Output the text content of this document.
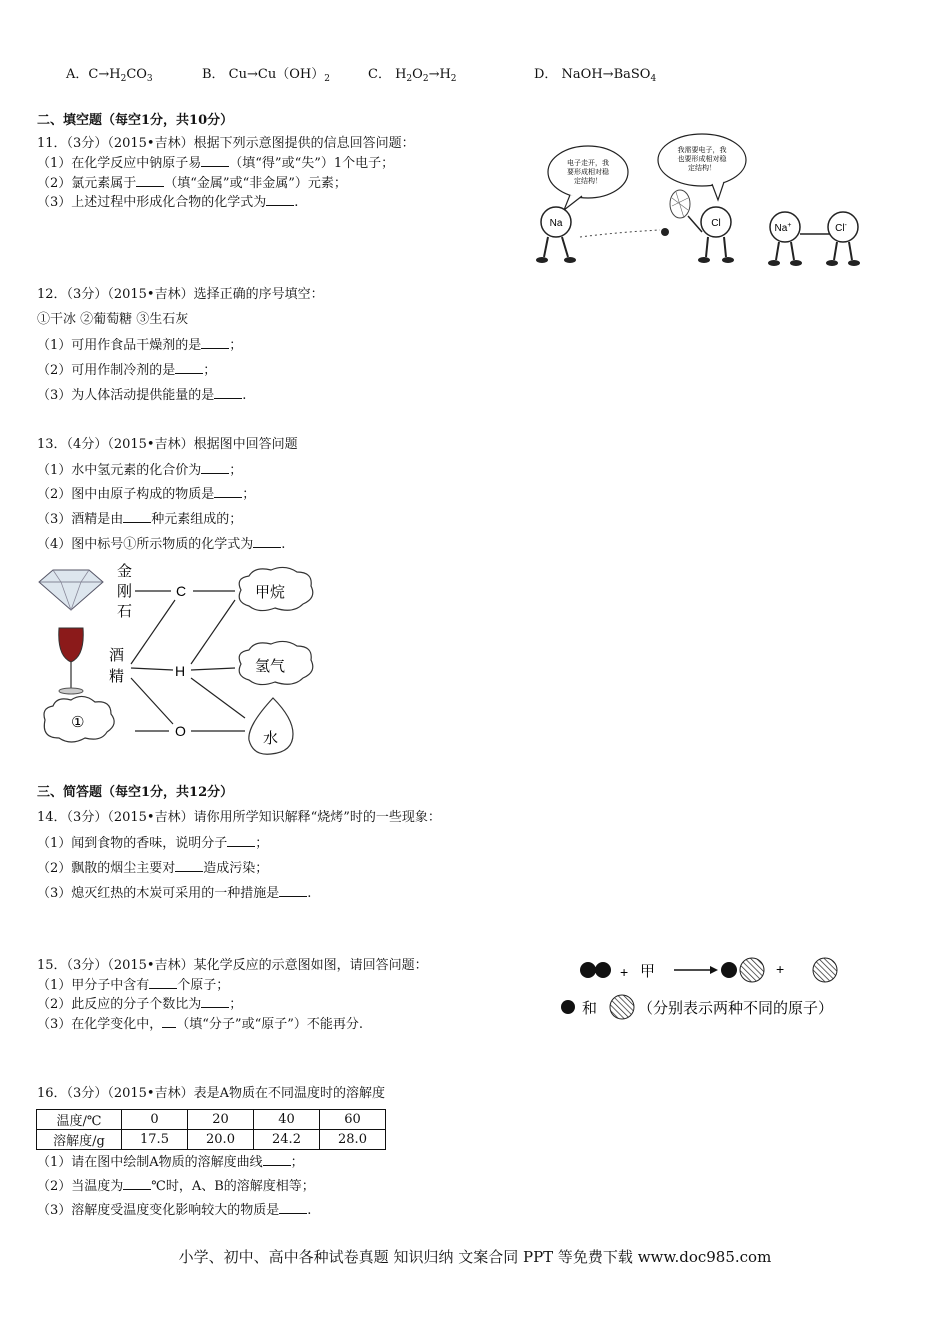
A．$C\to H_2CO_3$	B． $Cu\to Cu(OH)_2$	C． $H_2O_2\to H_2$	D． NaOH→BaSO$_4$
二、填空题（每空1分，共10分）
11．（3分）（2015•吉林）根据下列示意图提供的信息回答问题：
（1）在化学反应中钠原子易 （填“得”或“失”）1个电子；
（2）氯元素属于 （填“金属”或“非金属”）元素；
（3）上述过程中形成化合物的化学式为 .
电子走开，我
要形成相对稳
定结构！
我需要电子，我
也要形成相对稳
定结构！
Na	Cl	Na+	Cl-
12．（3分）（2015•吉林）选择正确的序号填空：
①干冰 ②葡萄糖 ③生石灰
（1）可用作食品干燥剂的是 ；
（2）可用作制冷剂的是 ；
（3）为人体活动提供能量的是 .
13．（4分）（2015•吉林）根据图中回答问题
（1）水中氢元素的化合价为 ；
（2）图中由原子构成的物质是 ；
（3）酒精是由 种元素组成的；
（4）图中标号①所示物质的化学式为 .
金
刚
石
酒
精
①
C
H
O
甲烷
氢气
水
三、简答题（每空1分，共12分）
14．（3分）（2015•吉林）请你用所学知识解释“烧烤”时的一些现象：
（1）闻到食物的香味，说明分子 ；
（2）飘散的烟尘主要对 造成污染；
（3）熄灭红热的木炭可采用的一种措施是 .
15．（3分）（2015•吉林）某化学反应的示意图如图，请回答问题：
（1）甲分子中含有 个原子；
（2）此反应的分子个数比为 ；
（3）在化学变化中， （填“分子”或“原子”）不能再分.
+ 甲	+
和	（分别表示两种不同的原子）
16．（3分）（2015•吉林）表是A物质在不同温度时的溶解度
温度/℃	0	20	40	60
溶解度/g	17.5	20.0	24.2	28.0
（1）请在图中绘制A物质的溶解度曲线 ；
（2）当温度为 ℃时，A、B的溶解度相等；
（3）溶解度受温度变化影响较大的物质是 .
小学、初中、高中各种试卷真题 知识归纳 文案合同 PPT 等免费下载 www.doc985.com
